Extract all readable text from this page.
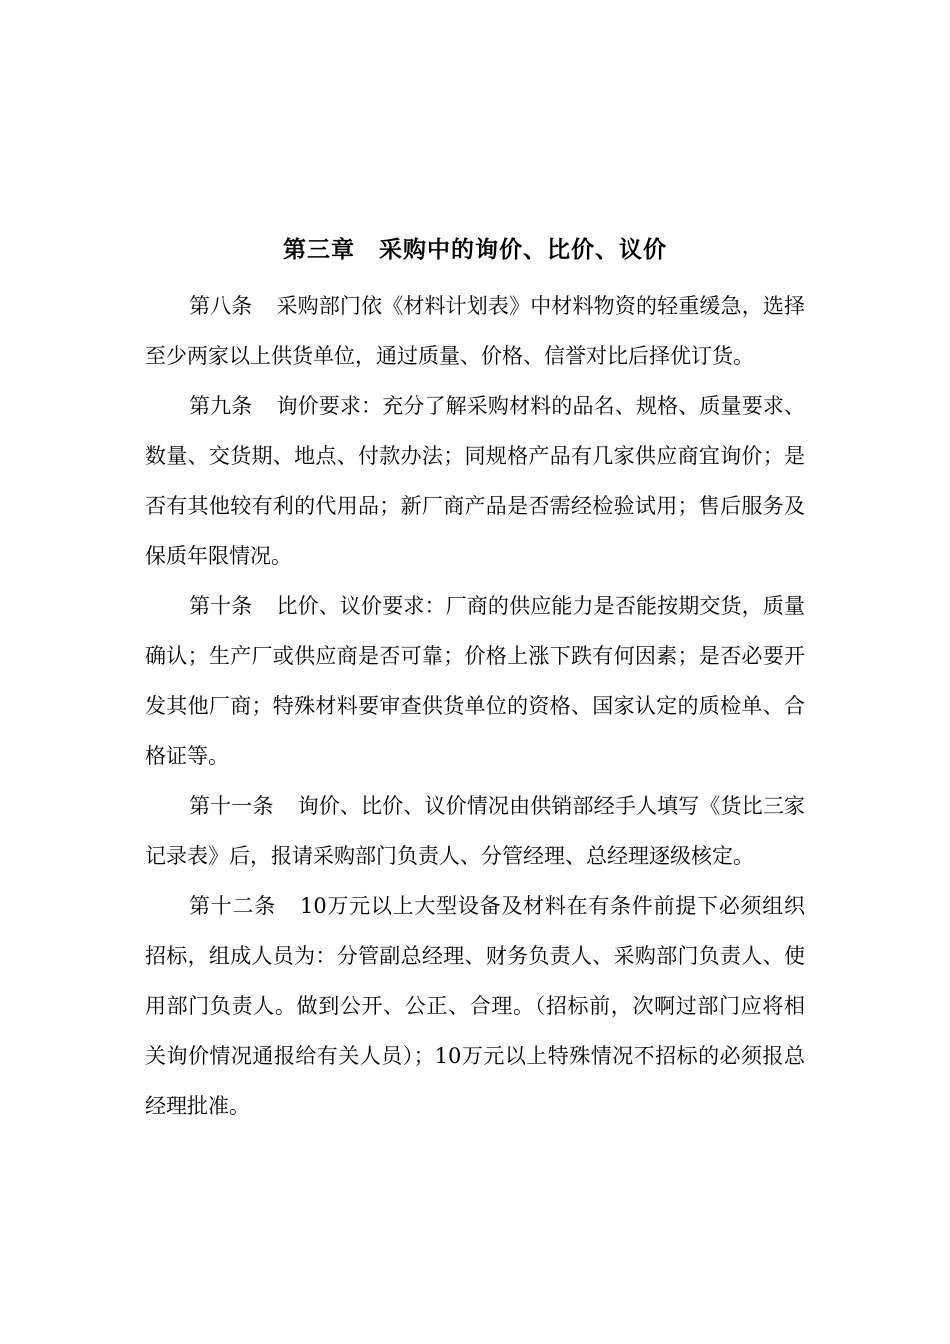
第三章　采购中的询价、比价、议价

第八条 采购部门依《材料计划表》中材料物资的轻重缓急，选择至少两家以上供货单位，通过质量、价格、信誉对比后择优订货。

第九条 询价要求：充分了解采购材料的品名、规格、质量要求、数量、交货期、地点、付款办法；同规格产品有几家供应商宜询价；是否有其他较有利的代用品；新厂商产品是否需经检验试用；售后服务及保质年限情况。

第十条 比价、议价要求：厂商的供应能力是否能按期交货，质量确认；生产厂或供应商是否可靠；价格上涨下跌有何因素；是否必要开发其他厂商；特殊材料要审查供货单位的资格、国家认定的质检单、合格证等。

第十一条 询价、比价、议价情况由供销部经手人填写《货比三家记录表》后，报请采购部门负责人、分管经理、总经理逐级核定。

第十二条 10万元以上大型设备及材料在有条件前提下必须组织招标，组成人员为：分管副总经理、财务负责人、采购部门负责人、使用部门负责人。做到公开、公正、合理。（招标前，次啊过部门应将相关询价情况通报给有关人员）；10万元以上特殊情况不招标的必须报总经理批准。
